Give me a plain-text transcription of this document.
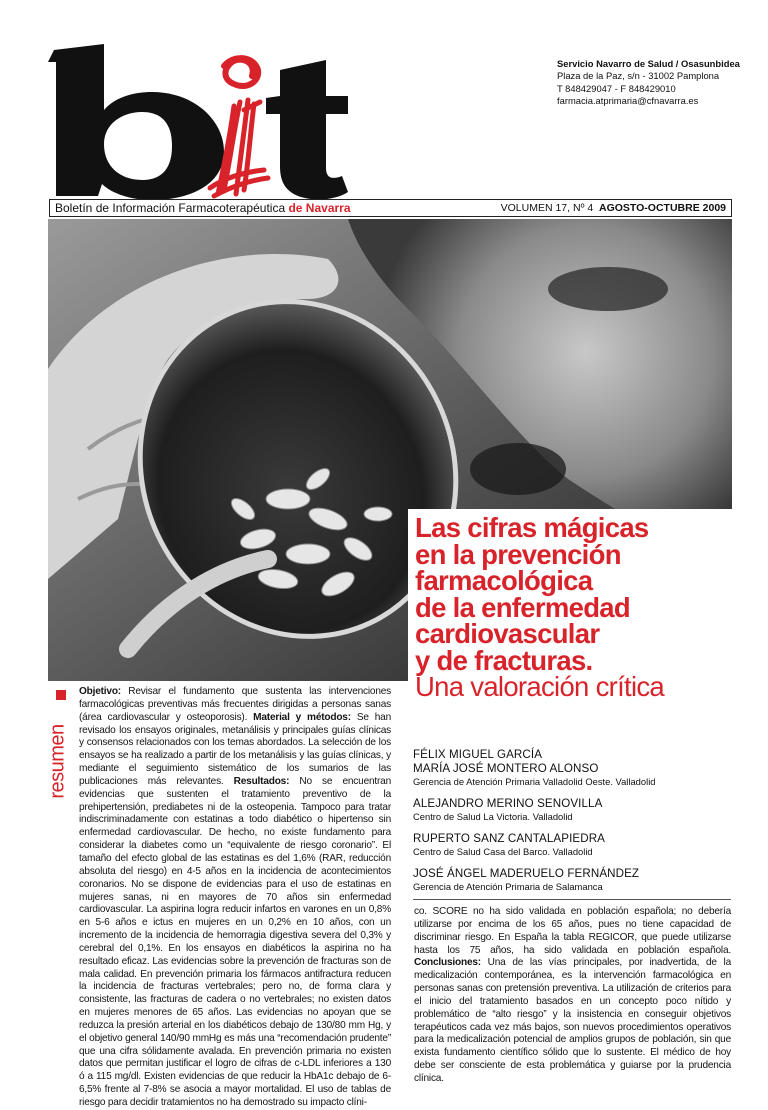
Servicio Navarro de Salud / Osasunbidea
Plaza de la Paz, s/n - 31002 Pamplona
T 848429047 - F 848429010
farmacia.atprimaria@cfnavarra.es
Boletín de Información Farmacoterapéutica de Navarra	VOLUMEN 17, Nº 4 AGOSTO-OCTUBRE 2009
Las cifras mágicas
en la prevención
farmacológica
de la enfermedad
cardiovascular
y de fracturas.
Una valoración crítica
FÉLIX MIGUEL GARCÍA
MARÍA JOSÉ MONTERO ALONSO
Gerencia de Atención Primaria Valladolid Oeste. Valladolid
ALEJANDRO MERINO SENOVILLA
Centro de Salud La Victoria. Valladolid
RUPERTO SANZ CANTALAPIEDRA
Centro de Salud Casa del Barco. Valladolid
JOSÉ ÁNGEL MADERUELO FERNÁNDEZ
Gerencia de Atención Primaria de Salamanca
resumen
Objetivo: Revisar el fundamento que sustenta las intervenciones farmacológicas preventivas más frecuentes dirigidas a personas sanas (área cardiovascular y osteoporosis). Material y métodos: Se han revisado los ensayos originales, metanálisis y principales guías clínicas y consensos relacionados con los temas abordados. La selección de los ensayos se ha realizado a partir de los metanálisis y las guías clínicas, y mediante el seguimiento sistemático de los sumarios de las publicaciones más relevantes. Resultados: No se encuentran evidencias que sustenten el tratamiento preventivo de la prehipertensión, prediabetes ni de la osteopenia. Tampoco para tratar indiscriminadamente con estatinas a todo diabético o hipertenso sin enfermedad cardiovascular. De hecho, no existe fundamento para considerar la diabetes como un “equivalente de riesgo coronario”. El tamaño del efecto global de las estatinas es del 1,6% (RAR, reducción absoluta del riesgo) en 4-5 años en la incidencia de acontecimientos coronarios. No se dispone de evidencias para el uso de estatinas en mujeres sanas, ni en mayores de 70 años sin enfermedad cardiovascular. La aspirina logra reducir infartos en varones en un 0,8% en 5-6 años e ictus en mujeres en un 0,2% en 10 años, con un incremento de la incidencia de hemorragia digestiva severa del 0,3% y cerebral del 0,1%. En los ensayos en diabéticos la aspirina no ha resultado eficaz. Las evidencias sobre la prevención de fracturas son de mala calidad. En prevención primaria los fármacos antifractura reducen la incidencia de fracturas vertebrales; pero no, de forma clara y consistente, las fracturas de cadera o no vertebrales; no existen datos en mujeres menores de 65 años. Las evidencias no apoyan que se reduzca la presión arterial en los diabéticos debajo de 130/80 mm Hg, y el objetivo general 140/90 mmHg es más una “recomendación prudente” que una cifra sólidamente avalada. En prevención primaria no existen datos que permitan justificar el logro de cifras de c-LDL inferiores a 130 ó a 115 mg/dl. Existen evidencias de que reducir la HbA1c debajo de 6-6,5% frente al 7-8% se asocia a mayor mortalidad. El uso de tablas de riesgo para decidir tratamientos no ha demostrado su impacto clíni-
co. SCORE no ha sido validada en población española; no debería utilizarse por encima de los 65 años, pues no tiene capacidad de discriminar riesgo. En España la tabla REGICOR, que puede utilizarse hasta los 75 años, ha sido validada en población española. Conclusiones: Una de las vías principales, por inadvertida, de la medicalización contemporánea, es la intervención farmacológica en personas sanas con pretensión preventiva. La utilización de criterios para el inicio del tratamiento basados en un concepto poco nítido y problemático de “alto riesgo” y la insistencia en conseguir objetivos terapéuticos cada vez más bajos, son nuevos procedimientos operativos para la medicalización potencial de amplios grupos de población, sin que exista fundamento científico sólido que lo sustente. El médico de hoy debe ser consciente de esta problemática y guiarse por la prudencia clínica.
